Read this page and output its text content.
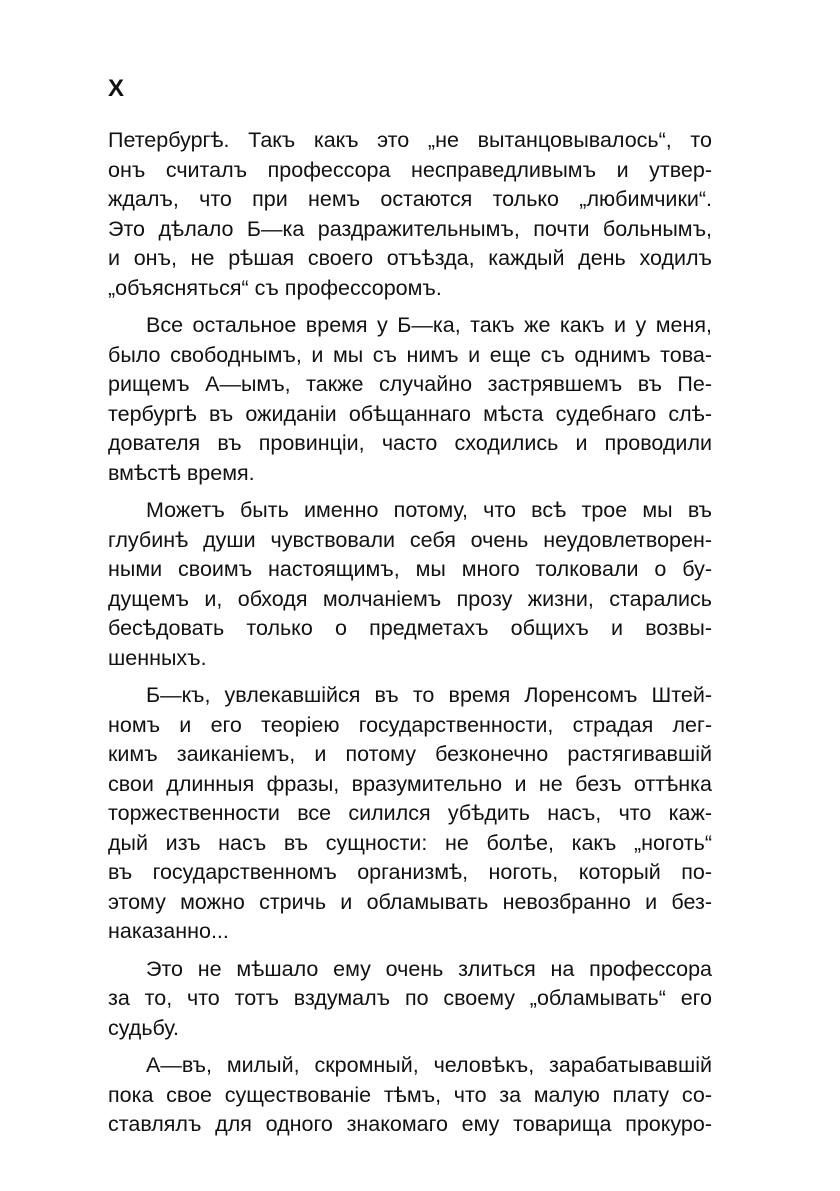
X

Петербургѣ. Такъ какъ это „не вытанцовывалось“, то
онъ считалъ профессора несправедливымъ и утвер-
ждалъ, что при немъ остаются только „любимчики“.
Это дѣлало Б—ка раздражительнымъ, почти больнымъ,
и онъ, не рѣшая своего отъѣзда, каждый день ходилъ
„объясняться“ съ профессоромъ.

Все остальное время у Б—ка, такъ же какъ и у меня,
было свободнымъ, и мы съ нимъ и еще съ однимъ това-
рищемъ А—ымъ, также случайно застрявшемъ въ Пе-
тербургѣ въ ожиданіи обѣщаннаго мѣста судебнаго слѣ-
дователя въ провинціи, часто сходились и проводили
вмѣстѣ время.

Можетъ быть именно потому, что всѣ трое мы въ
глубинѣ души чувствовали себя очень неудовлетворен-
ными своимъ настоящимъ, мы много толковали о бу-
дущемъ и, обходя молчаніемъ прозу жизни, старались
бесѣдовать только о предметахъ общихъ и возвы-
шенныхъ.

Б—къ, увлекавшійся въ то время Лоренсомъ Штей-
номъ и его теоріею государственности, страдая лег-
кимъ заиканіемъ, и потому безконечно растягивавшій
свои длинныя фразы, вразумительно и не безъ оттѣнка
торжественности все силился убѣдить насъ, что каж-
дый изъ насъ въ сущности: не болѣе, какъ „ноготь“
въ государственномъ организмѣ, ноготь, который по-
этому можно стричь и обламывать невозбранно и без-
наказанно...

Это не мѣшало ему очень злиться на профессора
за то, что тотъ вздумалъ по своему „обламывать“ его
судьбу.

А—въ, милый, скромный, человѣкъ, зарабатывавшій
пока свое существованіе тѣмъ, что за малую плату со-
ставлялъ для одного знакомаго ему товарища прокуро-
